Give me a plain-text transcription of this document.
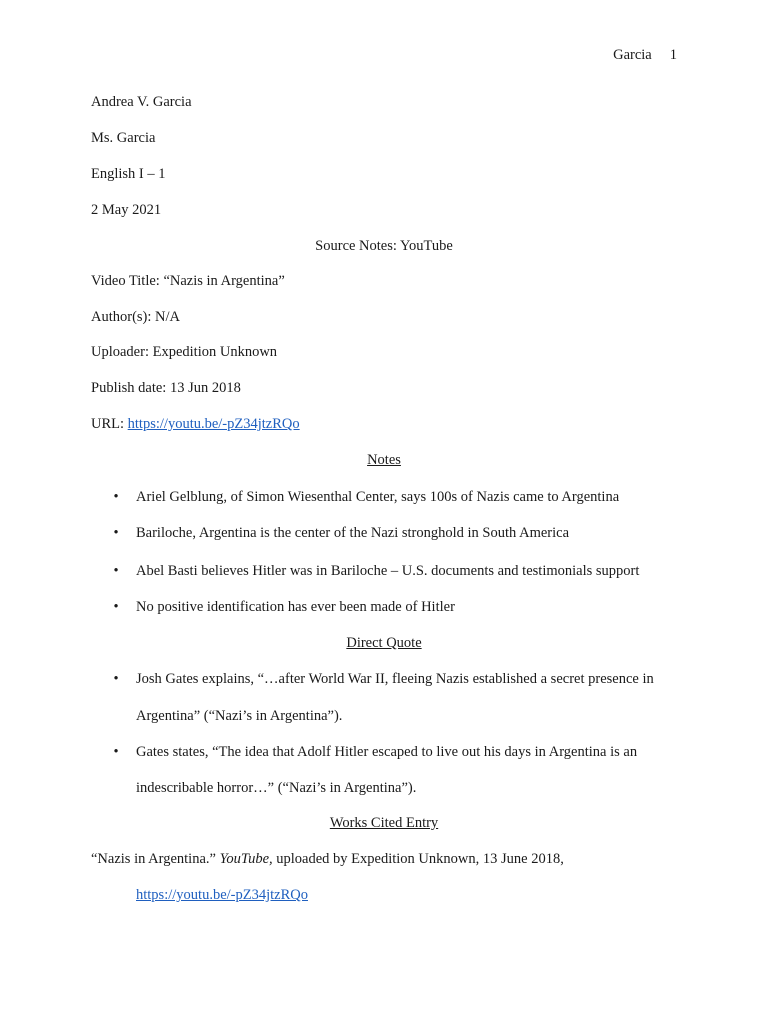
Garcia 1
Andrea V. Garcia
Ms. Garcia
English I – 1
2 May 2021
Source Notes: YouTube
Video Title: “Nazis in Argentina”
Author(s): N/A
Uploader: Expedition Unknown
Publish date: 13 Jun 2018
URL: https://youtu.be/-pZ34jtzRQo
Notes
• Ariel Gelblung, of Simon Wiesenthal Center, says 100s of Nazis came to Argentina
• Bariloche, Argentina is the center of the Nazi stronghold in South America
• Abel Basti believes Hitler was in Bariloche – U.S. documents and testimonials support
• No positive identification has ever been made of Hitler
Direct Quote
• Josh Gates explains, “…after World War II, fleeing Nazis established a secret presence in
Argentina” (“Nazi’s in Argentina”).
• Gates states, “The idea that Adolf Hitler escaped to live out his days in Argentina is an
indescribable horror…” (“Nazi’s in Argentina”).
Works Cited Entry
“Nazis in Argentina.” YouTube, uploaded by Expedition Unknown, 13 June 2018,
https://youtu.be/-pZ34jtzRQo
